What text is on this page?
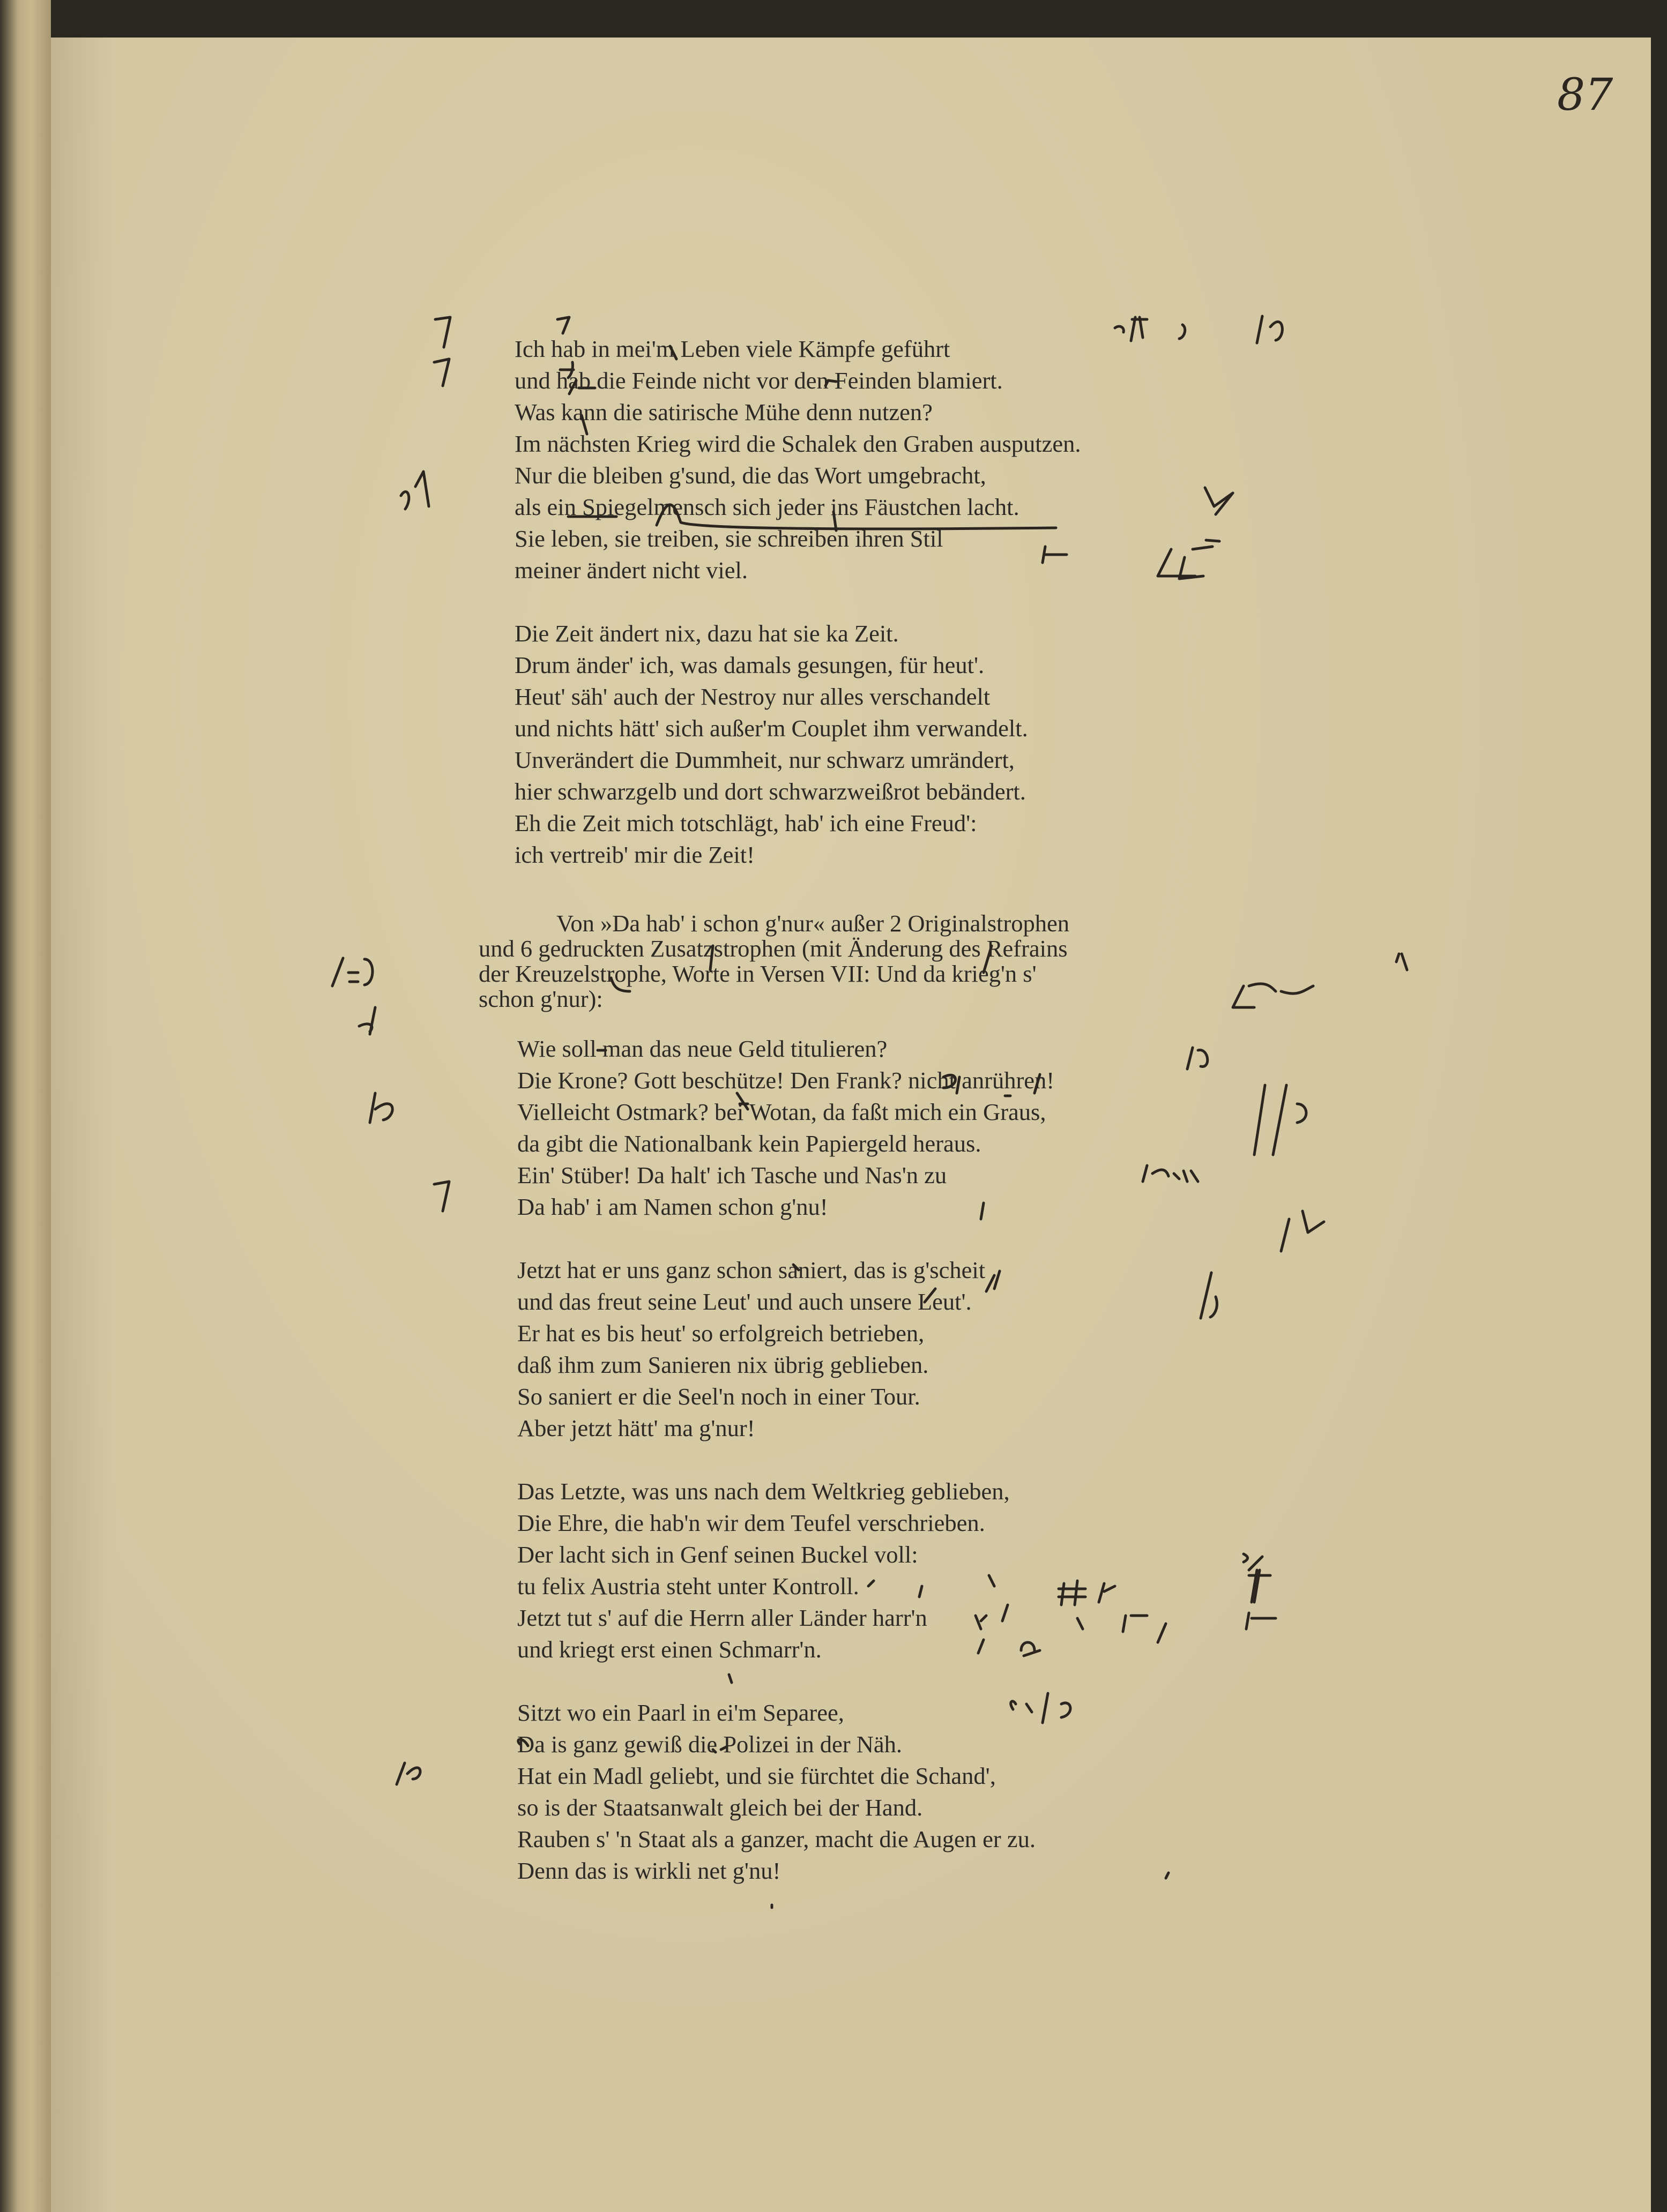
87
Ich hab in mei'm Leben viele Kämpfe geführt
und hab die Feinde nicht vor den Feinden blamiert.
Was kann die satirische Mühe denn nutzen?
Im nächsten Krieg wird die Schalek den Graben ausputzen.
Nur die bleiben g'sund, die das Wort umgebracht,
als ein Spiegelmensch sich jeder ins Fäustchen lacht.
Sie leben, sie treiben, sie schreiben ihren Stil
meiner ändert nicht viel.
Die Zeit ändert nix, dazu hat sie ka Zeit.
Drum änder' ich, was damals gesungen, für heut'.
Heut' säh' auch der Nestroy nur alles verschandelt
und nichts hätt' sich außer'm Couplet ihm verwandelt.
Unverändert die Dummheit, nur schwarz umrändert,
hier schwarzgelb und dort schwarzweißrot bebändert.
Eh die Zeit mich totschlägt, hab' ich eine Freud':
ich vertreib' mir die Zeit!
Von »Da hab' i schon g'nur« außer 2 Originalstrophen
und 6 gedruckten Zusatzstrophen (mit Änderung des Refrains
der Kreuzelstrophe, Worte in Versen VII: Und da krieg'n s'
schon g'nur):
Wie soll man das neue Geld titulieren?
Die Krone? Gott beschütze! Den Frank? nicht anrühren!
Vielleicht Ostmark? bei Wotan, da faßt mich ein Graus,
da gibt die Nationalbank kein Papiergeld heraus.
Ein' Stüber! Da halt' ich Tasche und Nas'n zu
Da hab' i am Namen schon g'nu!
Jetzt hat er uns ganz schon saniert, das is g'scheit
und das freut seine Leut' und auch unsere Leut'.
Er hat es bis heut' so erfolgreich betrieben,
daß ihm zum Sanieren nix übrig geblieben.
So saniert er die Seel'n noch in einer Tour.
Aber jetzt hätt' ma g'nur!
Das Letzte, was uns nach dem Weltkrieg geblieben,
Die Ehre, die hab'n wir dem Teufel verschrieben.
Der lacht sich in Genf seinen Buckel voll:
tu felix Austria steht unter Kontroll.
Jetzt tut s' auf die Herrn aller Länder harr'n
und kriegt erst einen Schmarr'n.
Sitzt wo ein Paarl in ei'm Separee,
Da is ganz gewiß die Polizei in der Näh.
Hat ein Madl geliebt, und sie fürchtet die Schand',
so is der Staatsanwalt gleich bei der Hand.
Rauben s' 'n Staat als a ganzer, macht die Augen er zu.
Denn das is wirkli net g'nu!
